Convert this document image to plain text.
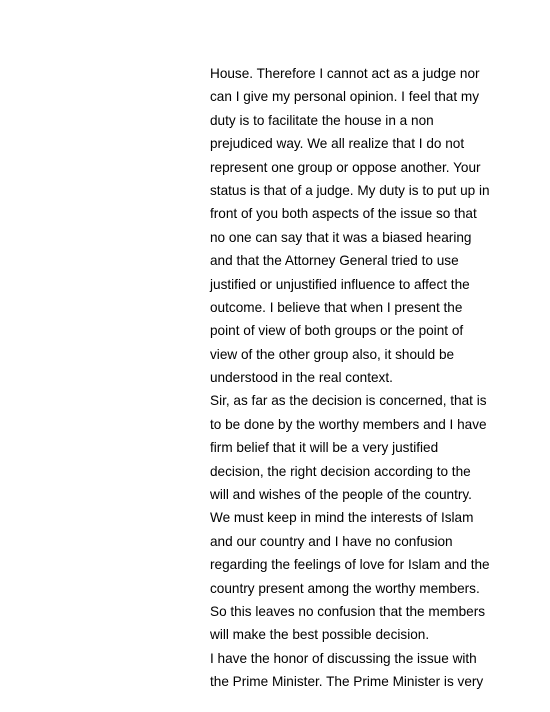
House. Therefore I cannot act as a judge nor
can I give my personal opinion. I feel that my
duty is to facilitate the house in a non
prejudiced way. We all realize that I do not
represent one group or oppose another. Your
status is that of a judge. My duty is to put up in
front of you both aspects of the issue so that
no one can say that it was a biased hearing
and that the Attorney General tried to use
justified or unjustified influence to affect the
outcome. I believe that when I present the
point of view of both groups or the point of
view of the other group also, it should be
understood in the real context.
Sir, as far as the decision is concerned, that is
to be done by the worthy members and I have
firm belief that it will be a very justified
decision, the right decision according to the
will and wishes of the people of the country.
We must keep in mind the interests of Islam
and our country and I have no confusion
regarding the feelings of love for Islam and the
country present among the worthy members.
So this leaves no confusion that the members
will make the best possible decision.
I have the honor of discussing the issue with
the Prime Minister. The Prime Minister is very
